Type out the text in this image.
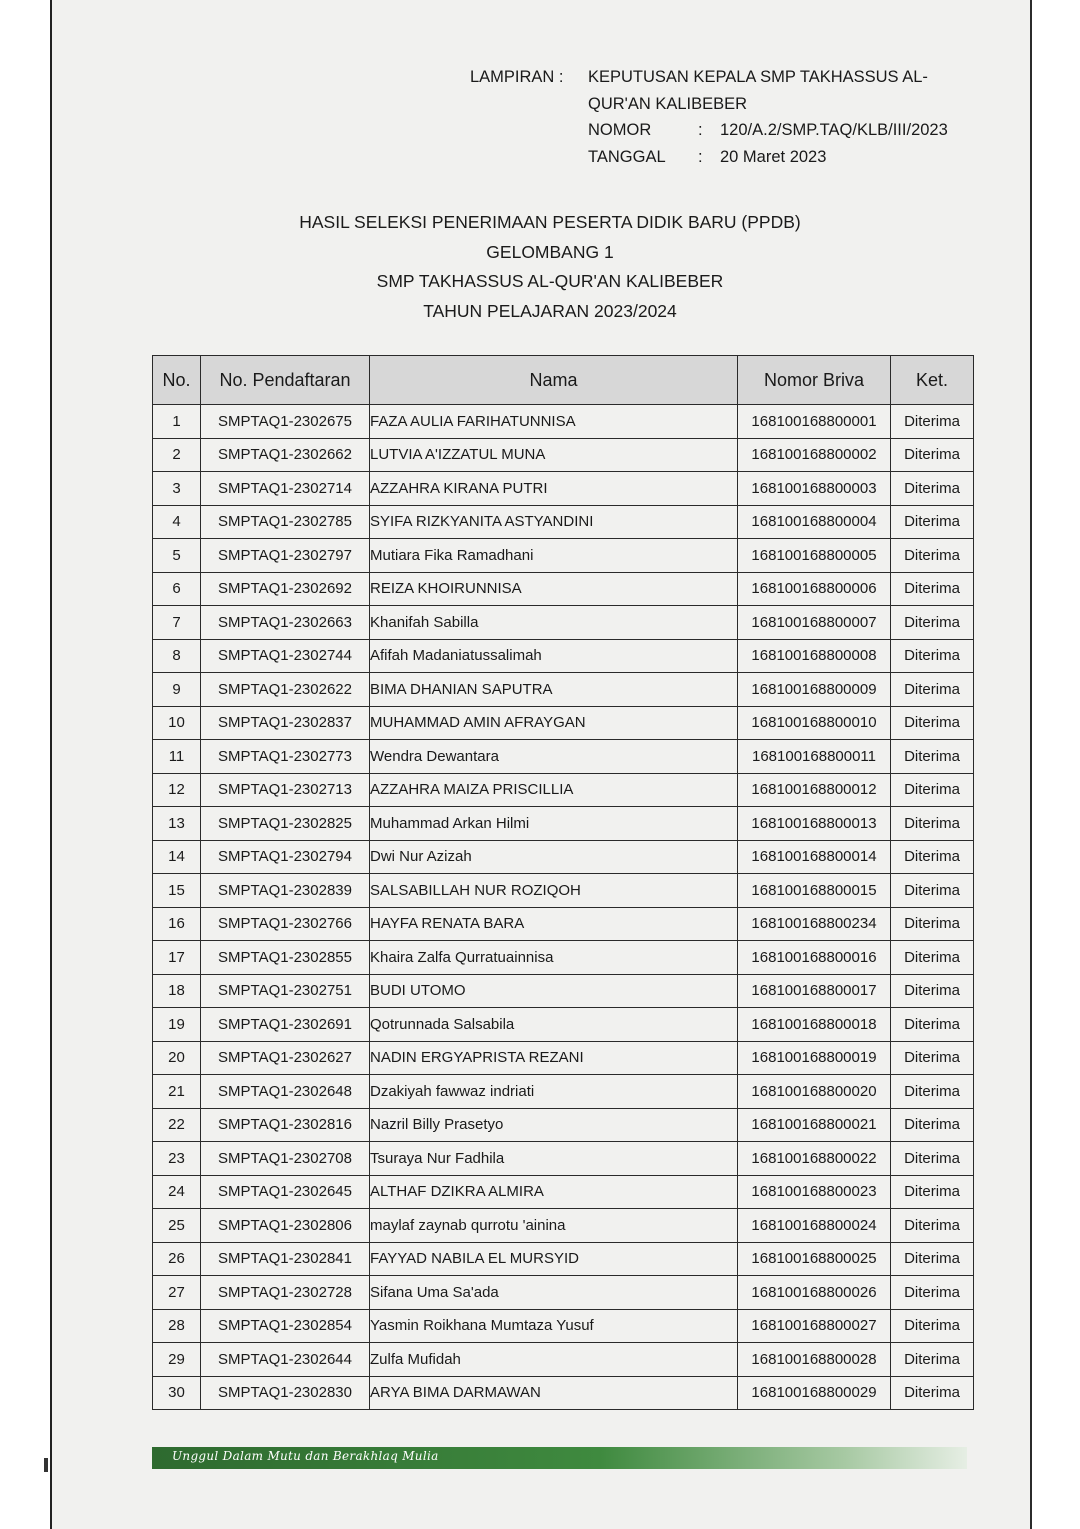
LAMPIRAN :	KEPUTUSAN KEPALA SMP TAKHASSUS AL-
QUR'AN KALIBEBER
NOMOR	:	120/A.2/SMP.TAQ/KLB/III/2023
TANGGAL	:	20 Maret 2023
HASIL SELEKSI PENERIMAAN PESERTA DIDIK BARU (PPDB)
GELOMBANG 1
SMP TAKHASSUS AL-QUR'AN KALIBEBER
TAHUN PELAJARAN 2023/2024
No.	No. Pendaftaran	Nama	Nomor Briva	Ket.
1	SMPTAQ1-2302675	FAZA AULIA FARIHATUNNISA	168100168800001	Diterima
2	SMPTAQ1-2302662	LUTVIA A'IZZATUL MUNA	168100168800002	Diterima
3	SMPTAQ1-2302714	AZZAHRA KIRANA PUTRI	168100168800003	Diterima
4	SMPTAQ1-2302785	SYIFA RIZKYANITA ASTYANDINI	168100168800004	Diterima
5	SMPTAQ1-2302797	Mutiara Fika Ramadhani	168100168800005	Diterima
6	SMPTAQ1-2302692	REIZA KHOIRUNNISA	168100168800006	Diterima
7	SMPTAQ1-2302663	Khanifah Sabilla	168100168800007	Diterima
8	SMPTAQ1-2302744	Afifah Madaniatussalimah	168100168800008	Diterima
9	SMPTAQ1-2302622	BIMA DHANIAN SAPUTRA	168100168800009	Diterima
10	SMPTAQ1-2302837	MUHAMMAD AMIN AFRAYGAN	168100168800010	Diterima
11	SMPTAQ1-2302773	Wendra Dewantara	168100168800011	Diterima
12	SMPTAQ1-2302713	AZZAHRA MAIZA PRISCILLIA	168100168800012	Diterima
13	SMPTAQ1-2302825	Muhammad Arkan Hilmi	168100168800013	Diterima
14	SMPTAQ1-2302794	Dwi Nur Azizah	168100168800014	Diterima
15	SMPTAQ1-2302839	SALSABILLAH NUR ROZIQOH	168100168800015	Diterima
16	SMPTAQ1-2302766	HAYFA RENATA BARA	168100168800234	Diterima
17	SMPTAQ1-2302855	Khaira Zalfa Qurratuainnisa	168100168800016	Diterima
18	SMPTAQ1-2302751	BUDI UTOMO	168100168800017	Diterima
19	SMPTAQ1-2302691	Qotrunnada Salsabila	168100168800018	Diterima
20	SMPTAQ1-2302627	NADIN ERGYAPRISTA REZANI	168100168800019	Diterima
21	SMPTAQ1-2302648	Dzakiyah fawwaz indriati	168100168800020	Diterima
22	SMPTAQ1-2302816	Nazril Billy Prasetyo	168100168800021	Diterima
23	SMPTAQ1-2302708	Tsuraya Nur Fadhila	168100168800022	Diterima
24	SMPTAQ1-2302645	ALTHAF DZIKRA ALMIRA	168100168800023	Diterima
25	SMPTAQ1-2302806	maylaf zaynab qurrotu 'ainina	168100168800024	Diterima
26	SMPTAQ1-2302841	FAYYAD NABILA EL MURSYID	168100168800025	Diterima
27	SMPTAQ1-2302728	Sifana Uma Sa'ada	168100168800026	Diterima
28	SMPTAQ1-2302854	Yasmin Roikhana Mumtaza Yusuf	168100168800027	Diterima
29	SMPTAQ1-2302644	Zulfa Mufidah	168100168800028	Diterima
30	SMPTAQ1-2302830	ARYA BIMA DARMAWAN	168100168800029	Diterima
Unggul Dalam Mutu dan Berakhlaq Mulia
